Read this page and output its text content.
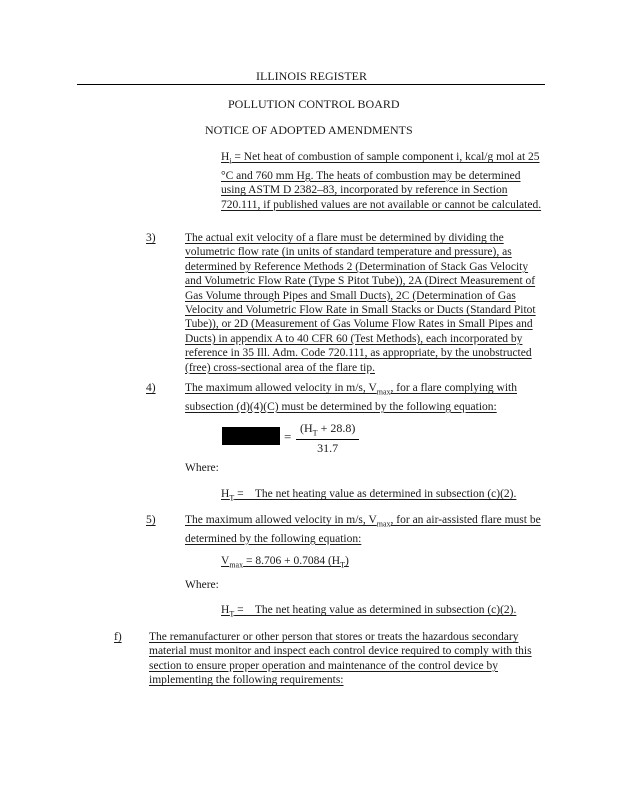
ILLINOIS REGISTER
POLLUTION CONTROL BOARD
NOTICE OF ADOPTED AMENDMENTS
$H_i$ = Net heat of combustion of sample component i, kcal/g mol at 25 °C and 760 mm Hg. The heats of combustion may be determined using ASTM D 2382–83, incorporated by reference in Section 720.111, if published values are not available or cannot be calculated.
3)	The actual exit velocity of a flare must be determined by dividing the volumetric flow rate (in units of standard temperature and pressure), as determined by Reference Methods 2 (Determination of Stack Gas Velocity and Volumetric Flow Rate (Type S Pitot Tube)), 2A (Direct Measurement of Gas Volume through Pipes and Small Ducts), 2C (Determination of Gas Velocity and Volumetric Flow Rate in Small Stacks or Ducts (Standard Pitot Tube)), or 2D (Measurement of Gas Volume Flow Rates in Small Pipes and Ducts) in appendix A to 40 CFR 60 (Test Methods), each incorporated by reference in 35 Ill. Adm. Code 720.111, as appropriate, by the unobstructed (free) cross-sectional area of the flare tip.
4)	The maximum allowed velocity in m/s, $V_{max}$, for a flare complying with subsection (d)(4)(C) must be determined by the following equation:
= $\frac{(H_T + 28.8)}{31.7}$
Where:
$H_T$ =    The net heating value as determined in subsection (c)(2).
5)	The maximum allowed velocity in m/s, $V_{max}$, for an air-assisted flare must be determined by the following equation:
$V_{max} = 8.706 + 0.7084$ $(H_T)$
Where:
$H_T$ =    The net heating value as determined in subsection (c)(2).
f) The remanufacturer or other person that stores or treats the hazardous secondary material must monitor and inspect each control device required to comply with this section to ensure proper operation and maintenance of the control device by implementing the following requirements:
